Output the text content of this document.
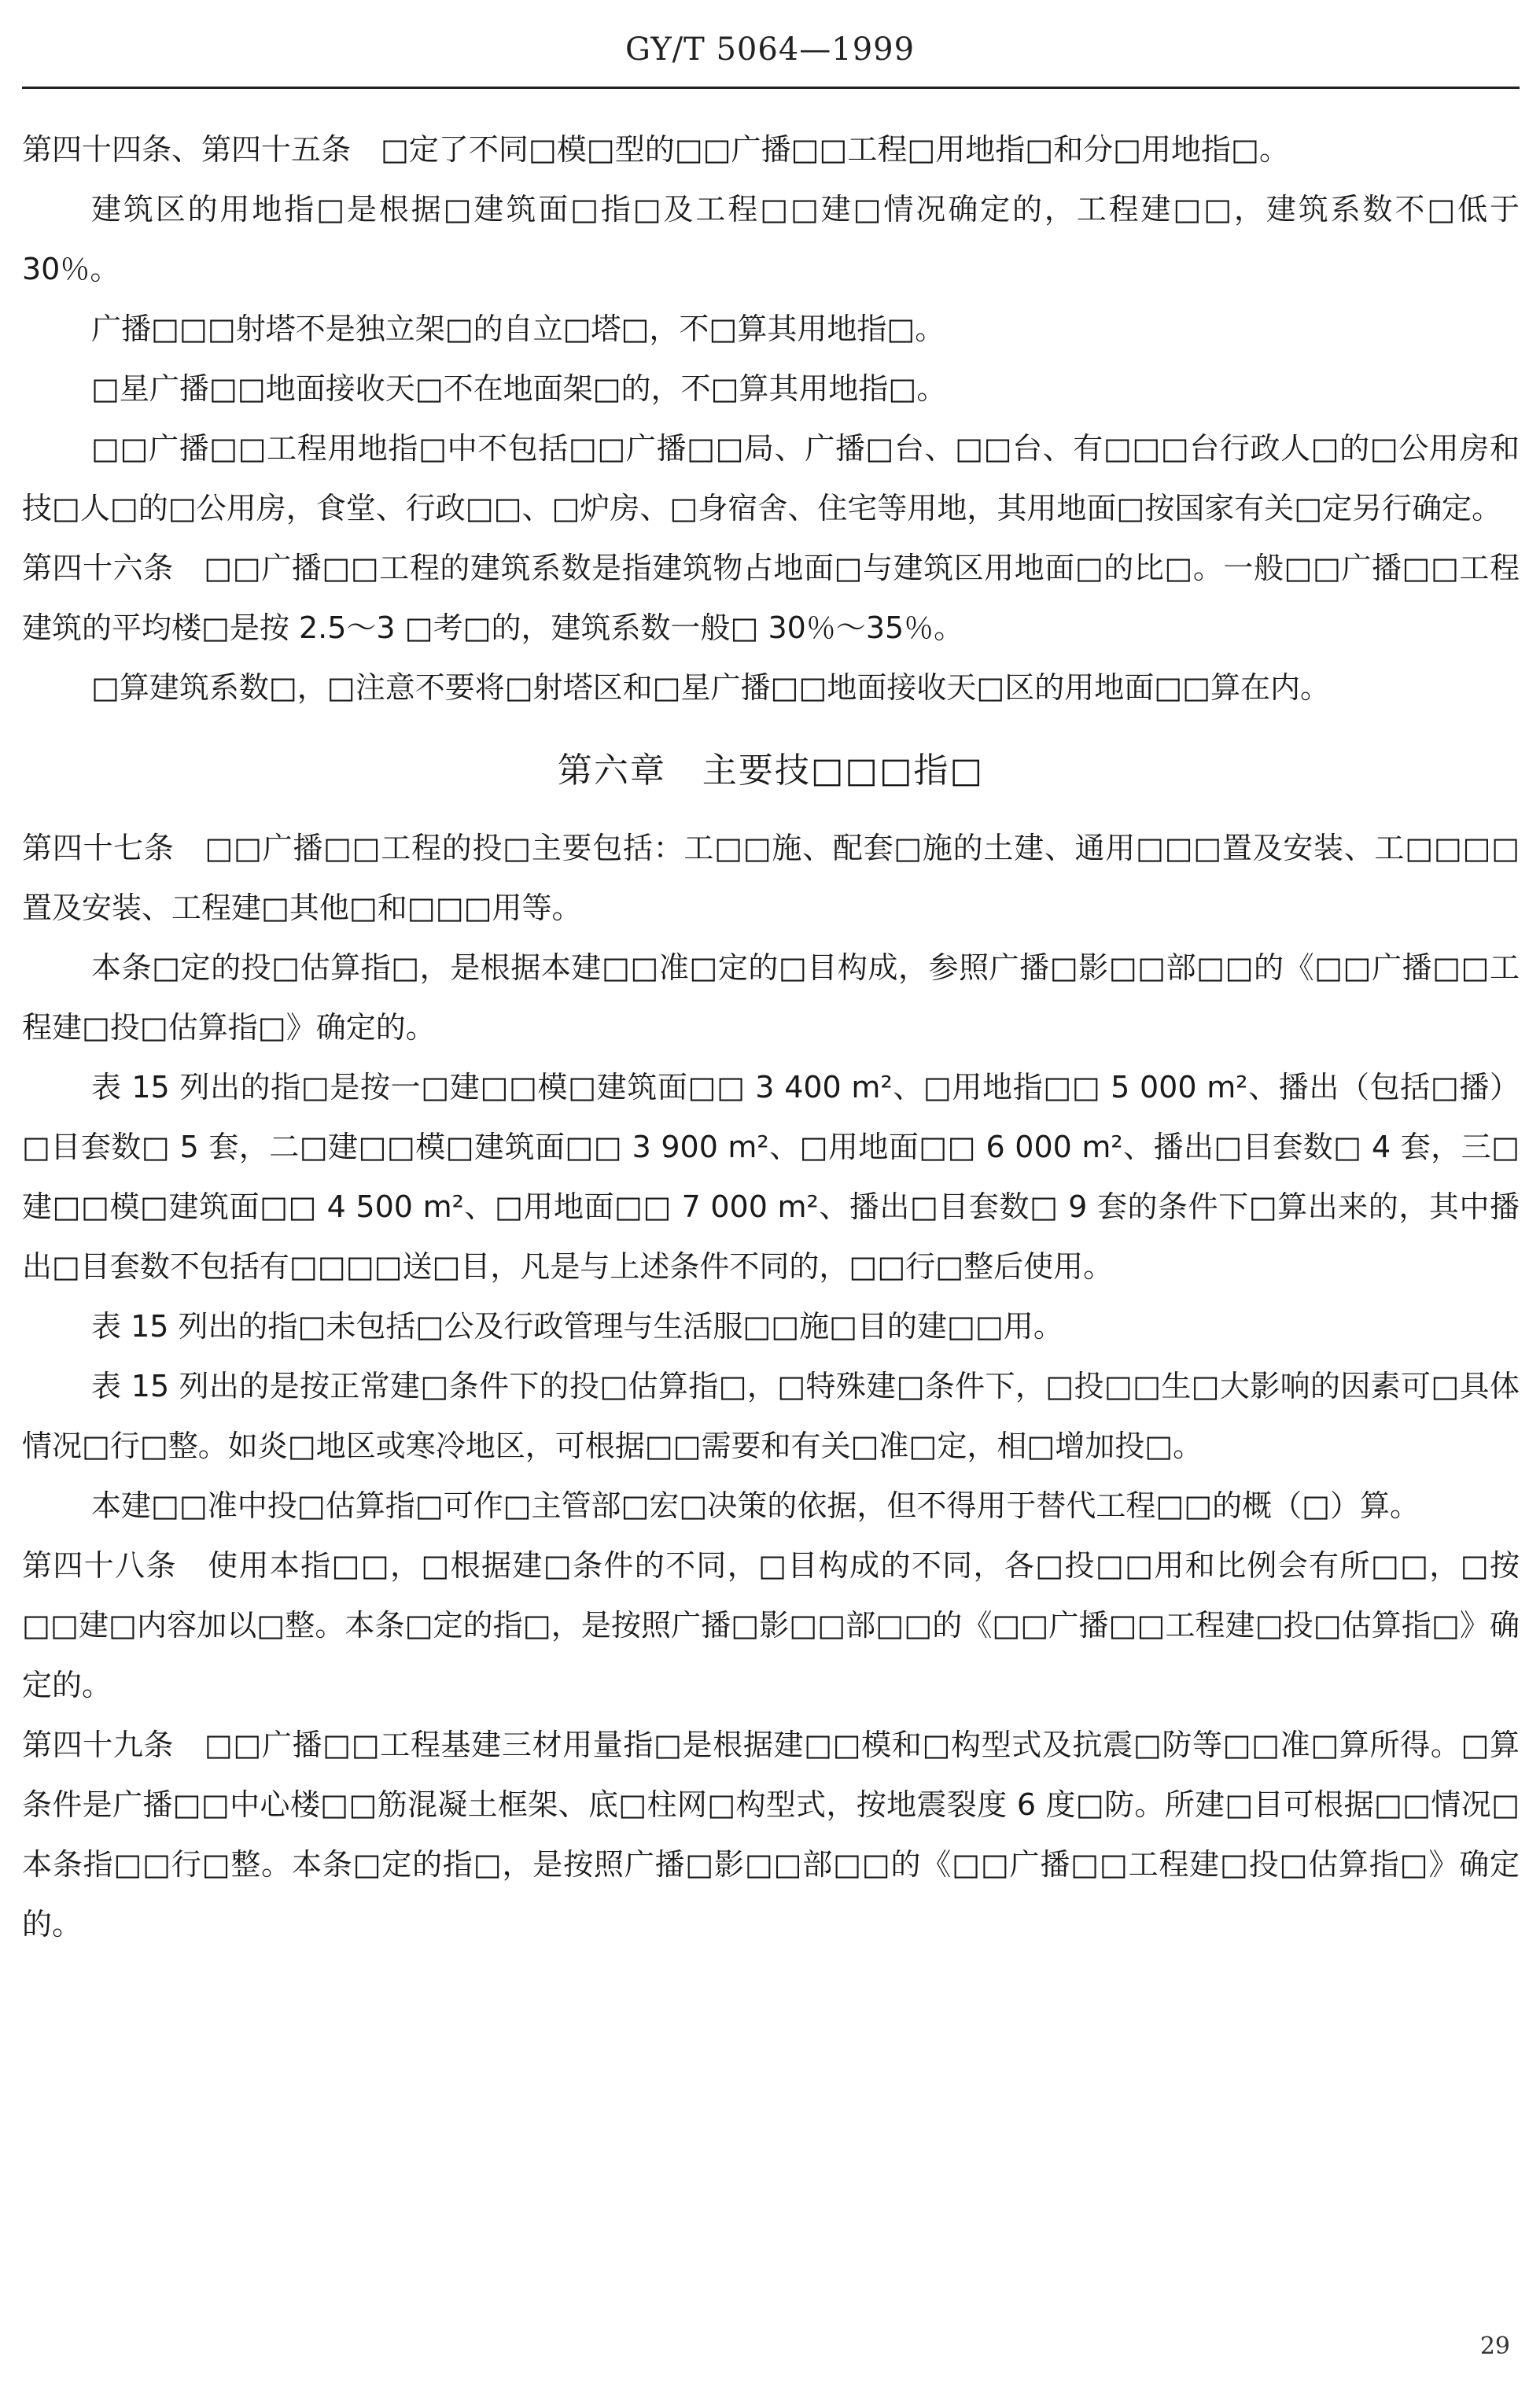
GY/T 5064—1999

第四十四条、第四十五条　□定了不同□模□型的□□广播□□工程□用地指□和分□用地指□。

建筑区的用地指□是根据□建筑面□指□及工程□□建□情况确定的，工程建□□，建筑系数不□低于 30％。

广播□□□射塔不是独立架□的自立□塔□，不□算其用地指□。

□星广播□□地面接收天□不在地面架□的，不□算其用地指□。

□□广播□□工程用地指□中不包括□□广播□□局、广播□台、□□台、有□□□台行政人□的□公用房和技□人□的□公用房，食堂、行政□□、□炉房、□身宿舍、住宅等用地，其用地面□按国家有关□定另行确定。

第四十六条　□□广播□□工程的建筑系数是指建筑物占地面□与建筑区用地面□的比□。一般□□广播□□工程建筑的平均楼□是按 2.5～3 □考□的，建筑系数一般□ 30％～35％。

□算建筑系数□，□注意不要将□射塔区和□星广播□□地面接收天□区的用地面□□算在内。

第六章　主要技□□□指□

第四十七条　□□广播□□工程的投□主要包括：工□□施、配套□施的土建、通用□□□置及安装、工□□□□置及安装、工程建□其他□和□□□用等。

本条□定的投□估算指□，是根据本建□□准□定的□目构成，参照广播□影□□部□□的《□□广播□□工程建□投□估算指□》确定的。

表 15 列出的指□是按一□建□□模□建筑面□□ 3 400 m²、□用地指□□ 5 000 m²、播出（包括□播）□目套数□ 5 套，二□建□□模□建筑面□□ 3 900 m²、□用地面□□ 6 000 m²、播出□目套数□ 4 套，三□建□□模□建筑面□□ 4 500 m²、□用地面□□ 7 000 m²、播出□目套数□ 9 套的条件下□算出来的，其中播出□目套数不包括有□□□□送□目，凡是与上述条件不同的，□□行□整后使用。

表 15 列出的指□未包括□公及行政管理与生活服□□施□目的建□□用。

表 15 列出的是按正常建□条件下的投□估算指□，□特殊建□条件下，□投□□生□大影响的因素可□具体情况□行□整。如炎□地区或寒冷地区，可根据□□需要和有关□准□定，相□增加投□。

本建□□准中投□估算指□可作□主管部□宏□决策的依据，但不得用于替代工程□□的概（□）算。

第四十八条　使用本指□□，□根据建□条件的不同，□目构成的不同，各□投□□用和比例会有所□□，□按□□建□内容加以□整。本条□定的指□，是按照广播□影□□部□□的《□□广播□□工程建□投□估算指□》确定的。

第四十九条　□□广播□□工程基建三材用量指□是根据建□□模和□构型式及抗震□防等□□准□算所得。□算条件是广播□□中心楼□□筋混凝土框架、底□柱网□构型式，按地震裂度 6 度□防。所建□目可根据□□情况□本条指□□行□整。本条□定的指□，是按照广播□影□□部□□的《□□广播□□工程建□投□估算指□》确定的。

29
